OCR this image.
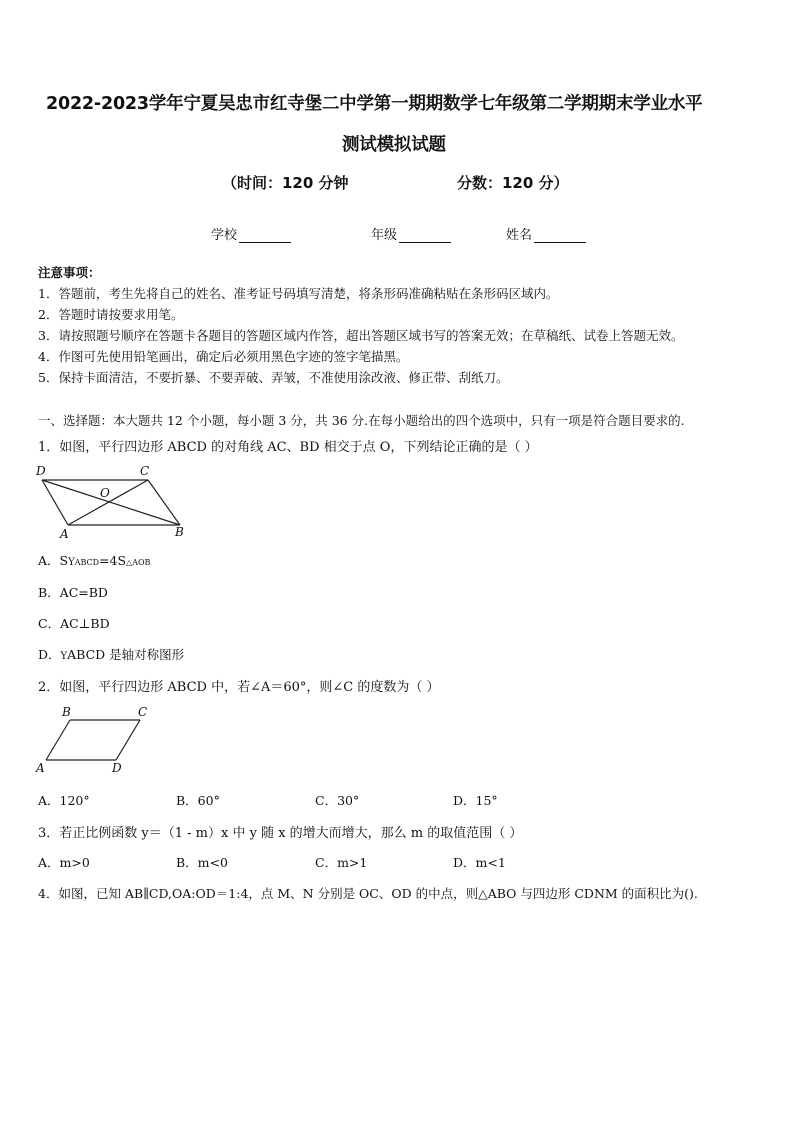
2022-2023学年宁夏吴忠市红寺堡二中学第一期期数学七年级第二学期期末学业水平
测试模拟试题
（时间：120 分钟	分数：120 分）
学校	年级	姓名
注意事项：
1．答题前，考生先将自己的姓名、准考证号码填写清楚，将条形码准确粘贴在条形码区域内。
2．答题时请按要求用笔。
3．请按照题号顺序在答题卡各题目的答题区域内作答，超出答题区域书写的答案无效；在草稿纸、试卷上答题无效。
4．作图可先使用铅笔画出，确定后必须用黑色字迹的签字笔描黑。
5．保持卡面清洁，不要折暴、不要弄破、弄皱，不准使用涂改液、修正带、刮纸刀。
一、选择题：本大题共 12 个小题，每小题 3 分，共 36 分.在每小题给出的四个选项中，只有一项是符合题目要求的.
1．如图，平行四边形 ABCD 的对角线 AC、BD 相交于点 O，下列结论正确的是（ ）
D	C
O
A	B
A．SYABCD=4S△AOB
B．AC=BD
C．AC⊥BD
D．YABCD 是轴对称图形
2．如图，平行四边形 ABCD 中，若∠A＝60°，则∠C 的度数为（ ）
B	C
A	D
A．120°	B．60°	C．30°	D．15°
3．若正比例函数 y＝（1 - m）x 中 y 随 x 的增大而增大，那么 m 的取值范围（ ）
A．m>0	B．m<0	C．m>1	D．m<1
4．如图，已知 AB∥CD,OA:OD＝1:4，点 M、N 分别是 OC、OD 的中点，则△ABO 与四边形 CDNM 的面积比为().
